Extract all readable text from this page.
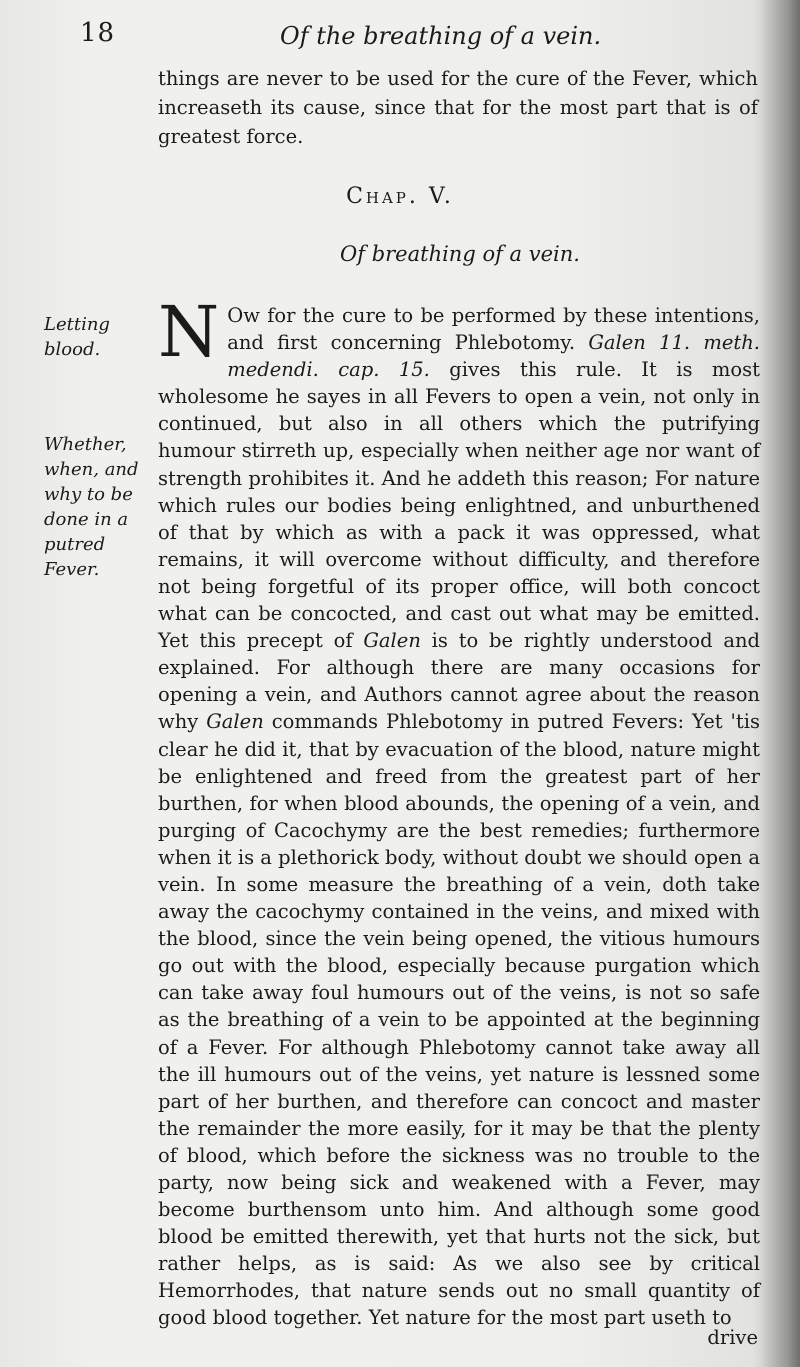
18	Of the breathing of a vein.
things are never to be used for the cure of the Fever, which increaseth its cause, since that for the most part that is of greatest force.
Chap. V.
Of breathing of a vein.
Letting blood.
Whether, when, and why to be done in a putred Fever.
N Ow for the cure to be performed by these intentions, and first concerning Phlebotomy. Galen 11. meth. medendi. cap. 15. gives this rule. It is most wholesome he sayes in all Fevers to open a vein, not only in continued, but also in all others which the putrifying humour stirreth up, especially when neither age nor want of strength prohibites it. And he addeth this reason; For nature which rules our bodies being enlightned, and unburthened of that by which as with a pack it was oppressed, what remains, it will overcome without difficulty, and therefore not being forgetful of its proper office, will both concoct what can be concocted, and cast out what may be emitted. Yet this precept of Galen is to be rightly understood and explained. For although there are many occasions for opening a vein, and Authors cannot agree about the reason why Galen commands Phlebotomy in putred Fevers: Yet 'tis clear he did it, that by evacuation of the blood, nature might be enlightened and freed from the greatest part of her burthen, for when blood abounds, the opening of a vein, and purging of Cacochymy are the best remedies; furthermore when it is a plethorick body, without doubt we should open a vein. In some measure the breathing of a vein, doth take away the cacochymy contained in the veins, and mixed with the blood, since the vein being opened, the vitious humours go out with the blood, especially because purgation which can take away foul humours out of the veins, is not so safe as the breathing of a vein to be appointed at the beginning of a Fever. For although Phlebotomy cannot take away all the ill humours out of the veins, yet nature is lessned some part of her burthen, and therefore can concoct and master the remainder the more easily, for it may be that the plenty of blood, which before the sickness was no trouble to the party, now being sick and weakened with a Fever, may become burthensom unto him. And although some good blood be emitted therewith, yet that hurts not the sick, but rather helps, as is said: As we also see by critical Hemorrhodes, that nature sends out no small quantity of good blood together. Yet nature for the most part useth to
drive
